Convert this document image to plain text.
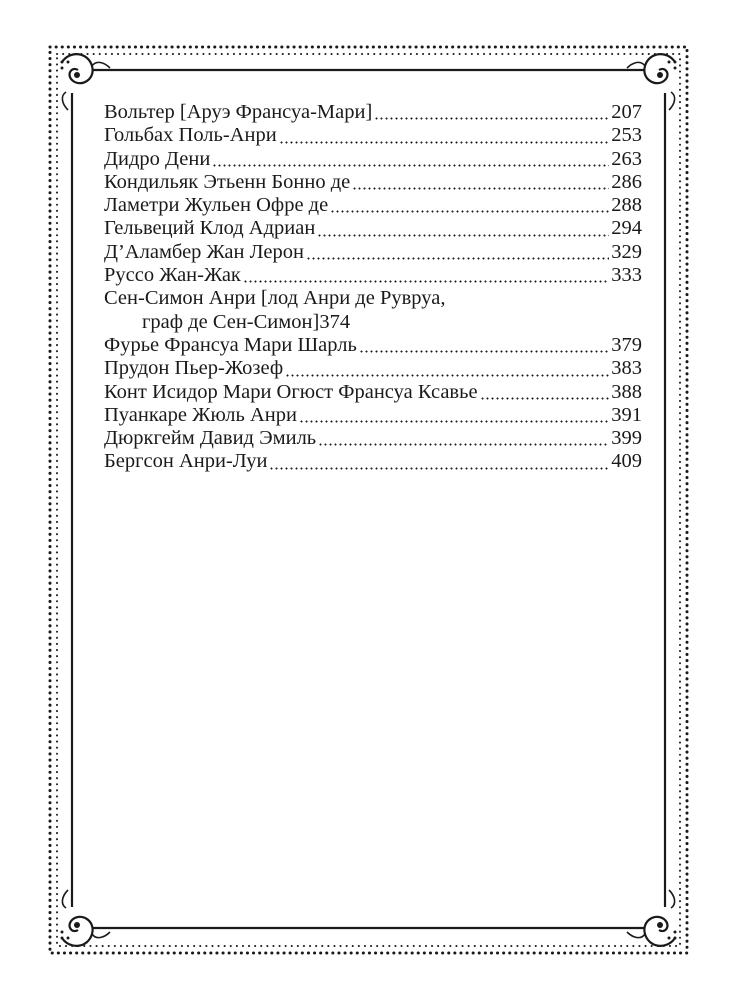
Вольтер [Аруэ Франсуа-Мари]	207
Гольбах Поль-Анри	253
Дидро Дени	263
Кондильяк Этьенн Бонно де	286
Ламетри Жульен Офре де	288
Гельвеций Клод Адриан	294
Д’Аламбер Жан Лерон	329
Руссо Жан-Жак	333
Сен-Симон Анри [лод Анри де Рувруа,
граф де Сен-Симон] 374
Фурье Франсуа Мари Шарль	379
Прудон Пьер-Жозеф	383
Конт Исидор Мари Огюст Франсуа Ксавье	388
Пуанкаре Жюль Анри	391
Дюркгейм Давид Эмиль	399
Бергсон Анри-Луи	409
